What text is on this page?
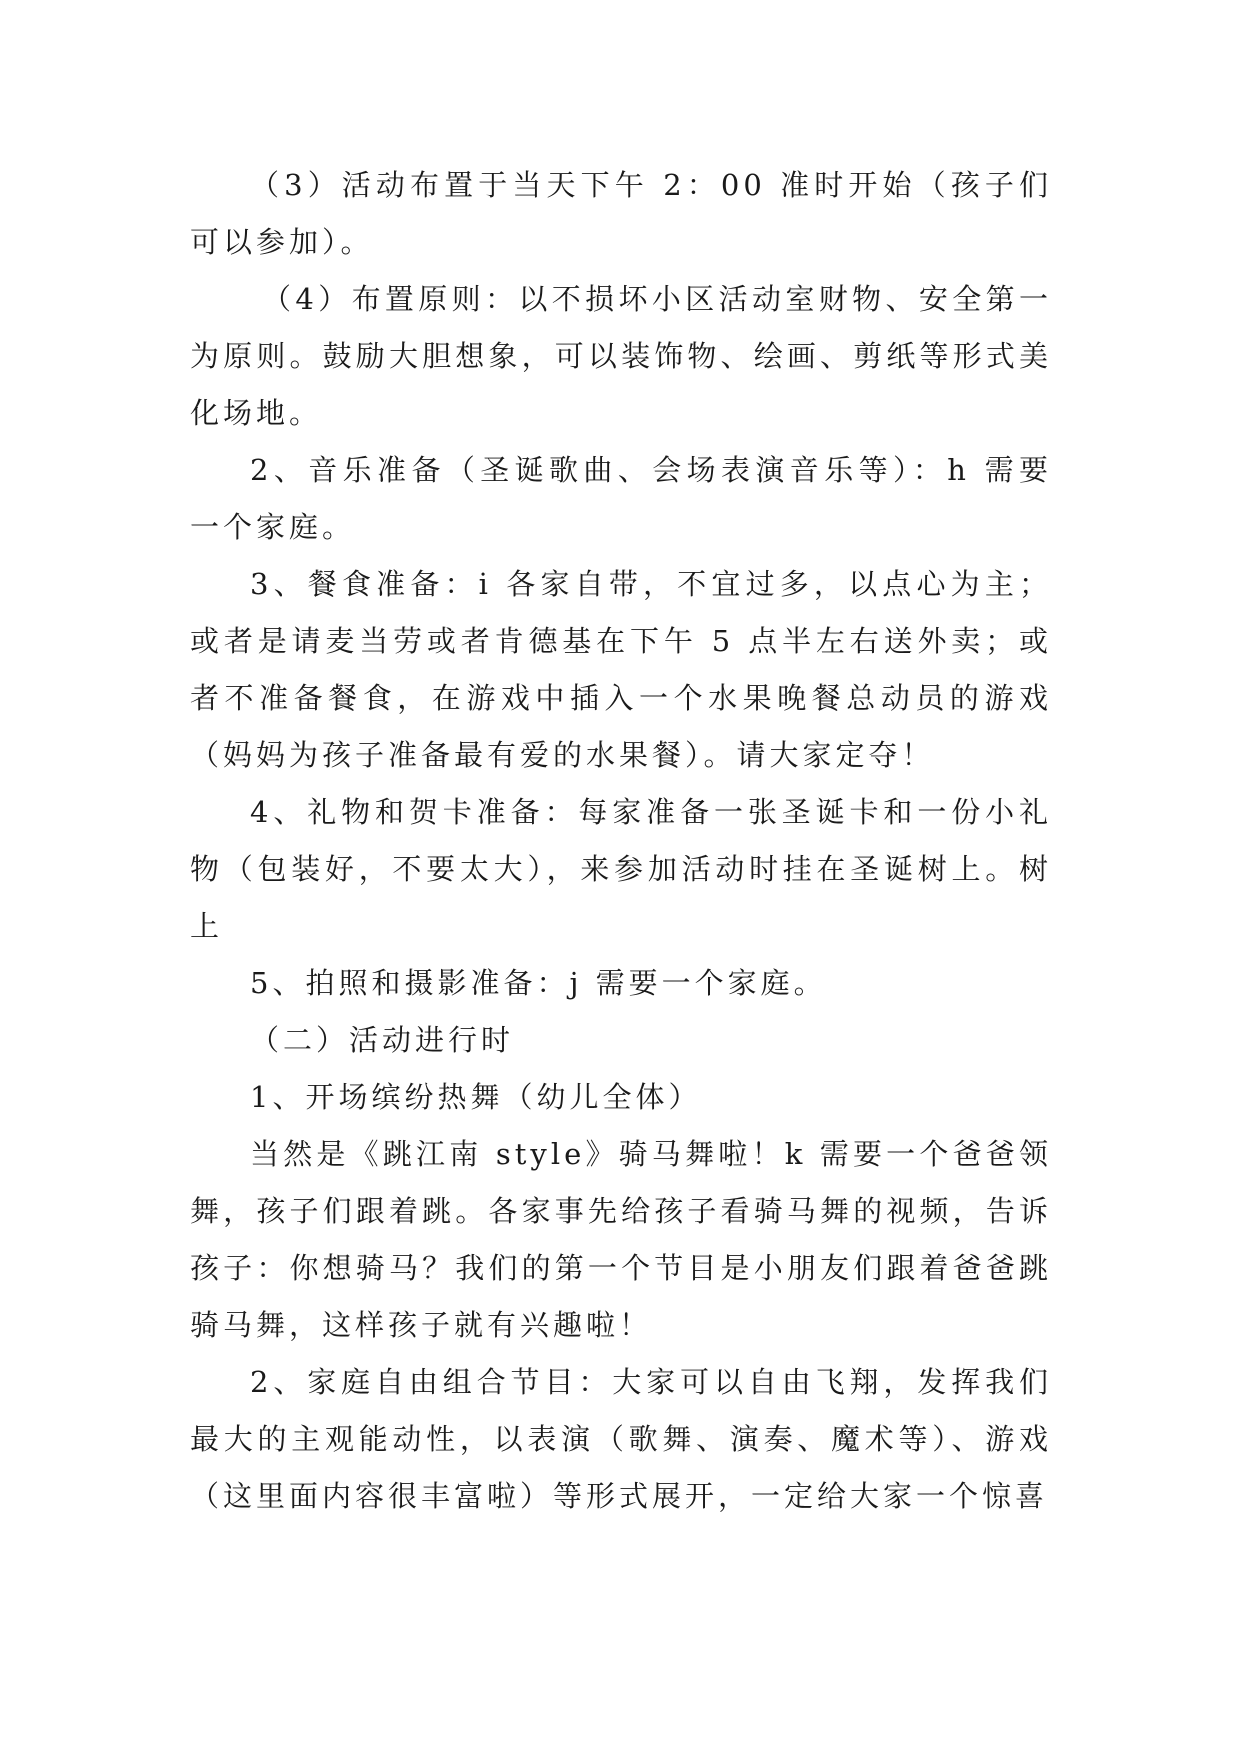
（3）活动布置于当天下午 2：00 准时开始（孩子们可以参加）。

（4）布置原则：以不损坏小区活动室财物、安全第一为原则。鼓励大胆想象，可以装饰物、绘画、剪纸等形式美化场地。

2、音乐准备（圣诞歌曲、会场表演音乐等）：h 需要一个家庭。

3、餐食准备：i 各家自带，不宜过多，以点心为主；或者是请麦当劳或者肯德基在下午 5 点半左右送外卖；或者不准备餐食，在游戏中插入一个水果晚餐总动员的游戏（妈妈为孩子准备最有爱的水果餐）。请大家定夺！

4、礼物和贺卡准备：每家准备一张圣诞卡和一份小礼物（包装好，不要太大），来参加活动时挂在圣诞树上。树上

5、拍照和摄影准备：j 需要一个家庭。

（二）活动进行时

1、开场缤纷热舞（幼儿全体）

当然是《跳江南 style》骑马舞啦！k 需要一个爸爸领舞，孩子们跟着跳。各家事先给孩子看骑马舞的视频，告诉孩子：你想骑马？我们的第一个节目是小朋友们跟着爸爸跳骑马舞，这样孩子就有兴趣啦！

2、家庭自由组合节目：大家可以自由飞翔，发挥我们最大的主观能动性，以表演（歌舞、演奏、魔术等）、游戏（这里面内容很丰富啦）等形式展开，一定给大家一个惊喜
